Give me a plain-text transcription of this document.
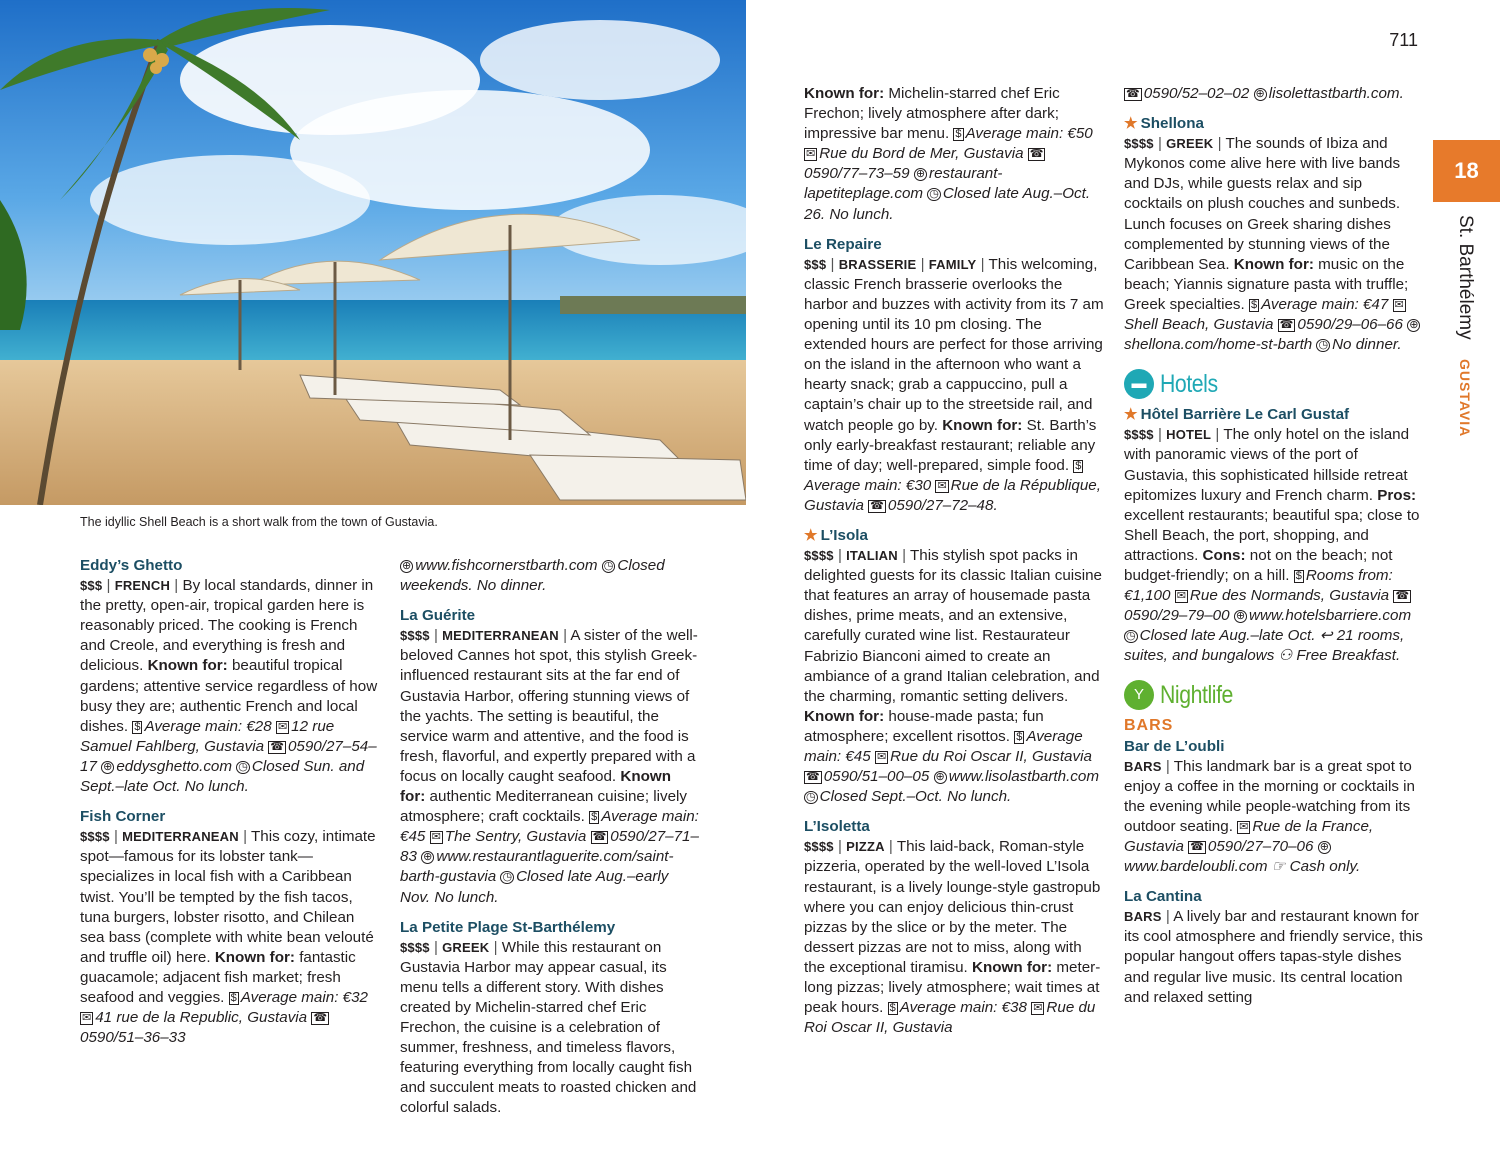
711
The idyllic Shell Beach is a short walk from the town of Gustavia.
Eddy’s Ghetto

$$$ | FRENCH | By local standards, dinner in the pretty, open-air, tropical garden here is reasonably priced. The cooking is French and Creole, and everything is fresh and delicious. Known for: beautiful tropical gardens; attentive service regardless of how busy they are; authentic French and local dishes. $ Average main: €28 ✉ 12 rue Samuel Fahlberg, Gustavia ☎ 0590/27–54–17 ⊕ eddysghetto.com ◷ Closed Sun. and Sept.–late Oct. No lunch.

Fish Corner

$$$$ | MEDITERRANEAN | This cozy, intimate spot—famous for its lobster tank—specializes in local fish with a Caribbean twist. You’ll be tempted by the fish tacos, tuna burgers, lobster risotto, and Chilean sea bass (complete with white bean velouté and truffle oil) here. Known for: fantastic guacamole; adjacent fish market; fresh seafood and veggies. $ Average main: €32 ✉ 41 rue de la Republic, Gustavia ☎0590/51–36–33

⊕ www.fishcornerstbarth.com ◷ Closed weekends. No dinner.

La Guérite

$$$$ | MEDITERRANEAN | A sister of the well-beloved Cannes hot spot, this stylish Greek-influenced restaurant sits at the far end of Gustavia Harbor, offering stunning views of the yachts. The setting is beautiful, the service warm and attentive, and the food is fresh, flavorful, and expertly prepared with a focus on locally caught seafood. Known for: authentic Mediterranean cuisine; lively atmosphere; craft cocktails. $ Average main: €45 ✉ The Sentry, Gustavia ☎ 0590/27–71–83 ⊕ www.restaurantlaguerite.com/saint-barth-gustavia ◷ Closed late Aug.–early Nov. No lunch.

La Petite Plage St-Barthélemy

$$$$ | GREEK | While this restaurant on Gustavia Harbor may appear casual, its menu tells a different story. With dishes created by Michelin-starred chef Eric Frechon, the cuisine is a celebration of summer, freshness, and timeless flavors, featuring everything from locally caught fish and succulent meats to roasted chicken and colorful salads.

Known for: Michelin-starred chef Eric Frechon; lively atmosphere after dark; impressive bar menu. $ Average main: €50 ✉ Rue du Bord de Mer, Gustavia ☎0590/77–73–59 ⊕ restaurant-lapetiteplage.com ◷ Closed late Aug.–Oct. 26. No lunch.

Le Repaire

$$$ | BRASSERIE | FAMILY | This welcoming, classic French brasserie overlooks the harbor and buzzes with activity from its 7 am opening until its 10 pm closing. The extended hours are perfect for those arriving on the island in the afternoon who want a hearty snack; grab a cappuccino, pull a captain’s chair up to the streetside rail, and watch people go by. Known for: St. Barth’s only early-breakfast restaurant; reliable any time of day; well-prepared, simple food. $Average main: €30 ✉ Rue de la République, Gustavia ☎ 0590/27–72–48.

★ L’Isola

$$$$ | ITALIAN | This stylish spot packs in delighted guests for its classic Italian cuisine that features an array of housemade pasta dishes, prime meats, and an extensive, carefully curated wine list. Restaurateur Fabrizio Bianconi aimed to create an ambiance of a grand Italian celebration, and the charming, romantic setting delivers. Known for: house-made pasta; fun atmosphere; excellent risottos. $ Average main: €45 ✉ Rue du Roi Oscar II, Gustavia ☎ 0590/51–00–05 ⊕ www.lisolastbarth.com ◷ Closed Sept.–Oct. No lunch.

L’Isoletta

$$$$ | PIZZA | This laid-back, Roman-style pizzeria, operated by the well-loved L’Isola restaurant, is a lively lounge-style gastropub where you can enjoy delicious thin-crust pizzas by the slice or by the meter. The dessert pizzas are not to miss, along with the exceptional tiramisu. Known for: meter-long pizzas; lively atmosphere; wait times at peak hours. $ Average main: €38 ✉ Rue du Roi Oscar II, Gustavia

☎ 0590/52–02–02 ⊕ lisolettastbarth.com.

★ Shellona

$$$$ | GREEK | The sounds of Ibiza and Mykonos come alive here with live bands and DJs, while guests relax and sip cocktails on plush couches and sunbeds. Lunch focuses on Greek sharing dishes complemented by stunning views of the Caribbean Sea. Known for: music on the beach; Yiannis signature pasta with truffle; Greek specialties. $ Average main: €47 ✉Shell Beach, Gustavia ☎ 0590/29–06–66 ⊕shellona.com/home-st-barth ◷ No dinner.

▬ Hotels
★ Hôtel Barrière Le Carl Gustaf

$$$$ | HOTEL | The only hotel on the island with panoramic views of the port of Gustavia, this sophisticated hillside retreat epitomizes luxury and French charm. Pros: excellent restaurants; beautiful spa; close to Shell Beach, the port, shopping, and attractions. Cons: not on the beach; not budget-friendly; on a hill. $ Rooms from: €1,100 ✉ Rue des Normands, Gustavia ☎0590/29–79–00 ⊕ www.hotelsbarriere.com ◷ Closed late Aug.–late Oct. ↩ 21 rooms, suites, and bungalows ⚇ Free Breakfast.

Y Nightlife
BARS
Bar de L’oubli

BARS | This landmark bar is a great spot to enjoy a coffee in the morning or cocktails in the evening while people-watching from its outdoor seating. ✉ Rue de la France, Gustavia ☎ 0590/27–70–06 ⊕www.bardeloubli.com ☞ Cash only.

La Cantina

BARS | A lively bar and restaurant known for its cool atmosphere and friendly service, this popular hangout offers tapas-style dishes and regular live music. Its central location and relaxed setting

18
St. Barthélemy GUSTAVIA
